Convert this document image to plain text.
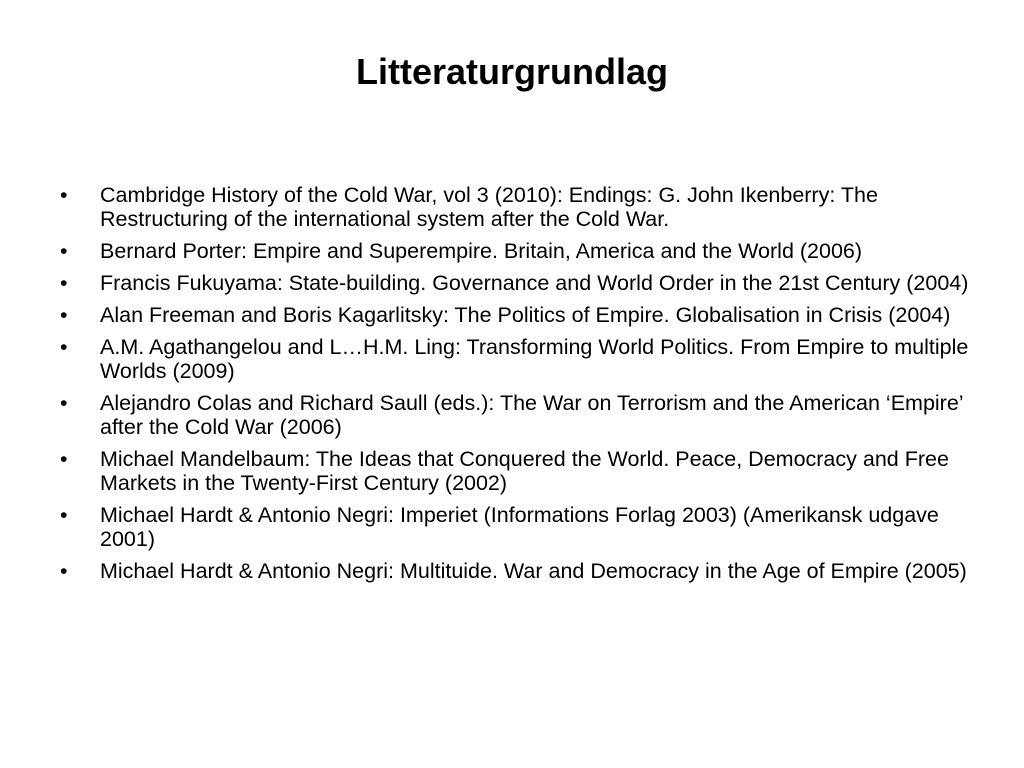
Litteraturgrundlag
•	Cambridge History of the Cold War, vol 3 (2010): Endings: G. John Ikenberry: The Restructuring of the international system after the Cold War.
•	Bernard Porter: Empire and Superempire. Britain, America and the World (2006)
•	Francis Fukuyama: State-building. Governance and World Order in the 21st Century (2004)
•	Alan Freeman and Boris Kagarlitsky: The Politics of Empire. Globalisation in Crisis (2004)
•	A.M. Agathangelou and L…H.M. Ling: Transforming World Politics. From Empire to multiple Worlds (2009)
•	Alejandro Colas and Richard Saull (eds.): The War on Terrorism and the American ‘Empire’ after the Cold War (2006)
•	Michael Mandelbaum: The Ideas that Conquered the World. Peace, Democracy and Free Markets in the Twenty-First Century (2002)
•	Michael Hardt & Antonio Negri: Imperiet (Informations Forlag 2003) (Amerikansk udgave 2001)
•	Michael Hardt & Antonio Negri: Multituide. War and Democracy in the Age of Empire (2005)
